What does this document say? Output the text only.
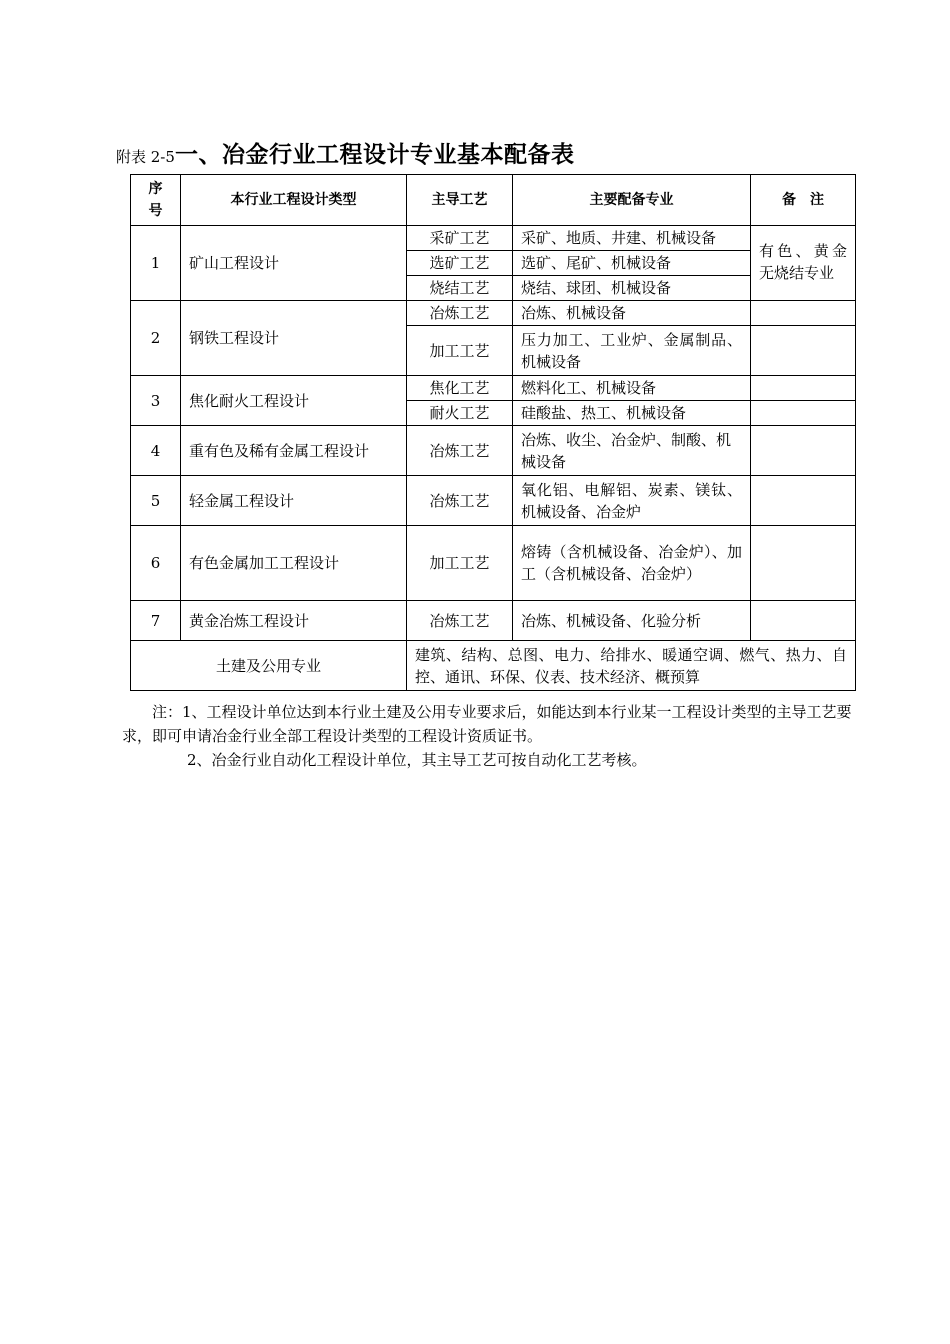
附表 2-5一、冶金行业工程设计专业基本配备表
序号	本行业工程设计类型	主导工艺	主要配备专业	备　注
1	矿山工程设计	采矿工艺	采矿、地质、井建、机械设备	有色、黄金无烧结专业
		选矿工艺	选矿、尾矿、机械设备	
		烧结工艺	烧结、球团、机械设备	
2	钢铁工程设计	冶炼工艺	冶炼、机械设备	
		加工工艺	压力加工、工业炉、金属制品、机械设备	
3	焦化耐火工程设计	焦化工艺	燃料化工、机械设备	
		耐火工艺	硅酸盐、热工、机械设备	
4	重有色及稀有金属工程设计	冶炼工艺	冶炼、收尘、冶金炉、制酸、机械设备	
5	轻金属工程设计	冶炼工艺	氧化铝、电解铝、炭素、镁钛、机械设备、冶金炉	
6	有色金属加工工程设计	加工工艺	熔铸（含机械设备、冶金炉）、加工（含机械设备、冶金炉）	
7	黄金冶炼工程设计	冶炼工艺	冶炼、机械设备、化验分析	
土建及公用专业		建筑、结构、总图、电力、给排水、暖通空调、燃气、热力、自控、通讯、环保、仪表、技术经济、概预算		

注：1、工程设计单位达到本行业土建及公用专业要求后，如能达到本行业某一工程设计类型的主导工艺要求，即可申请冶金行业全部工程设计类型的工程设计资质证书。

2、冶金行业自动化工程设计单位，其主导工艺可按自动化工艺考核。
